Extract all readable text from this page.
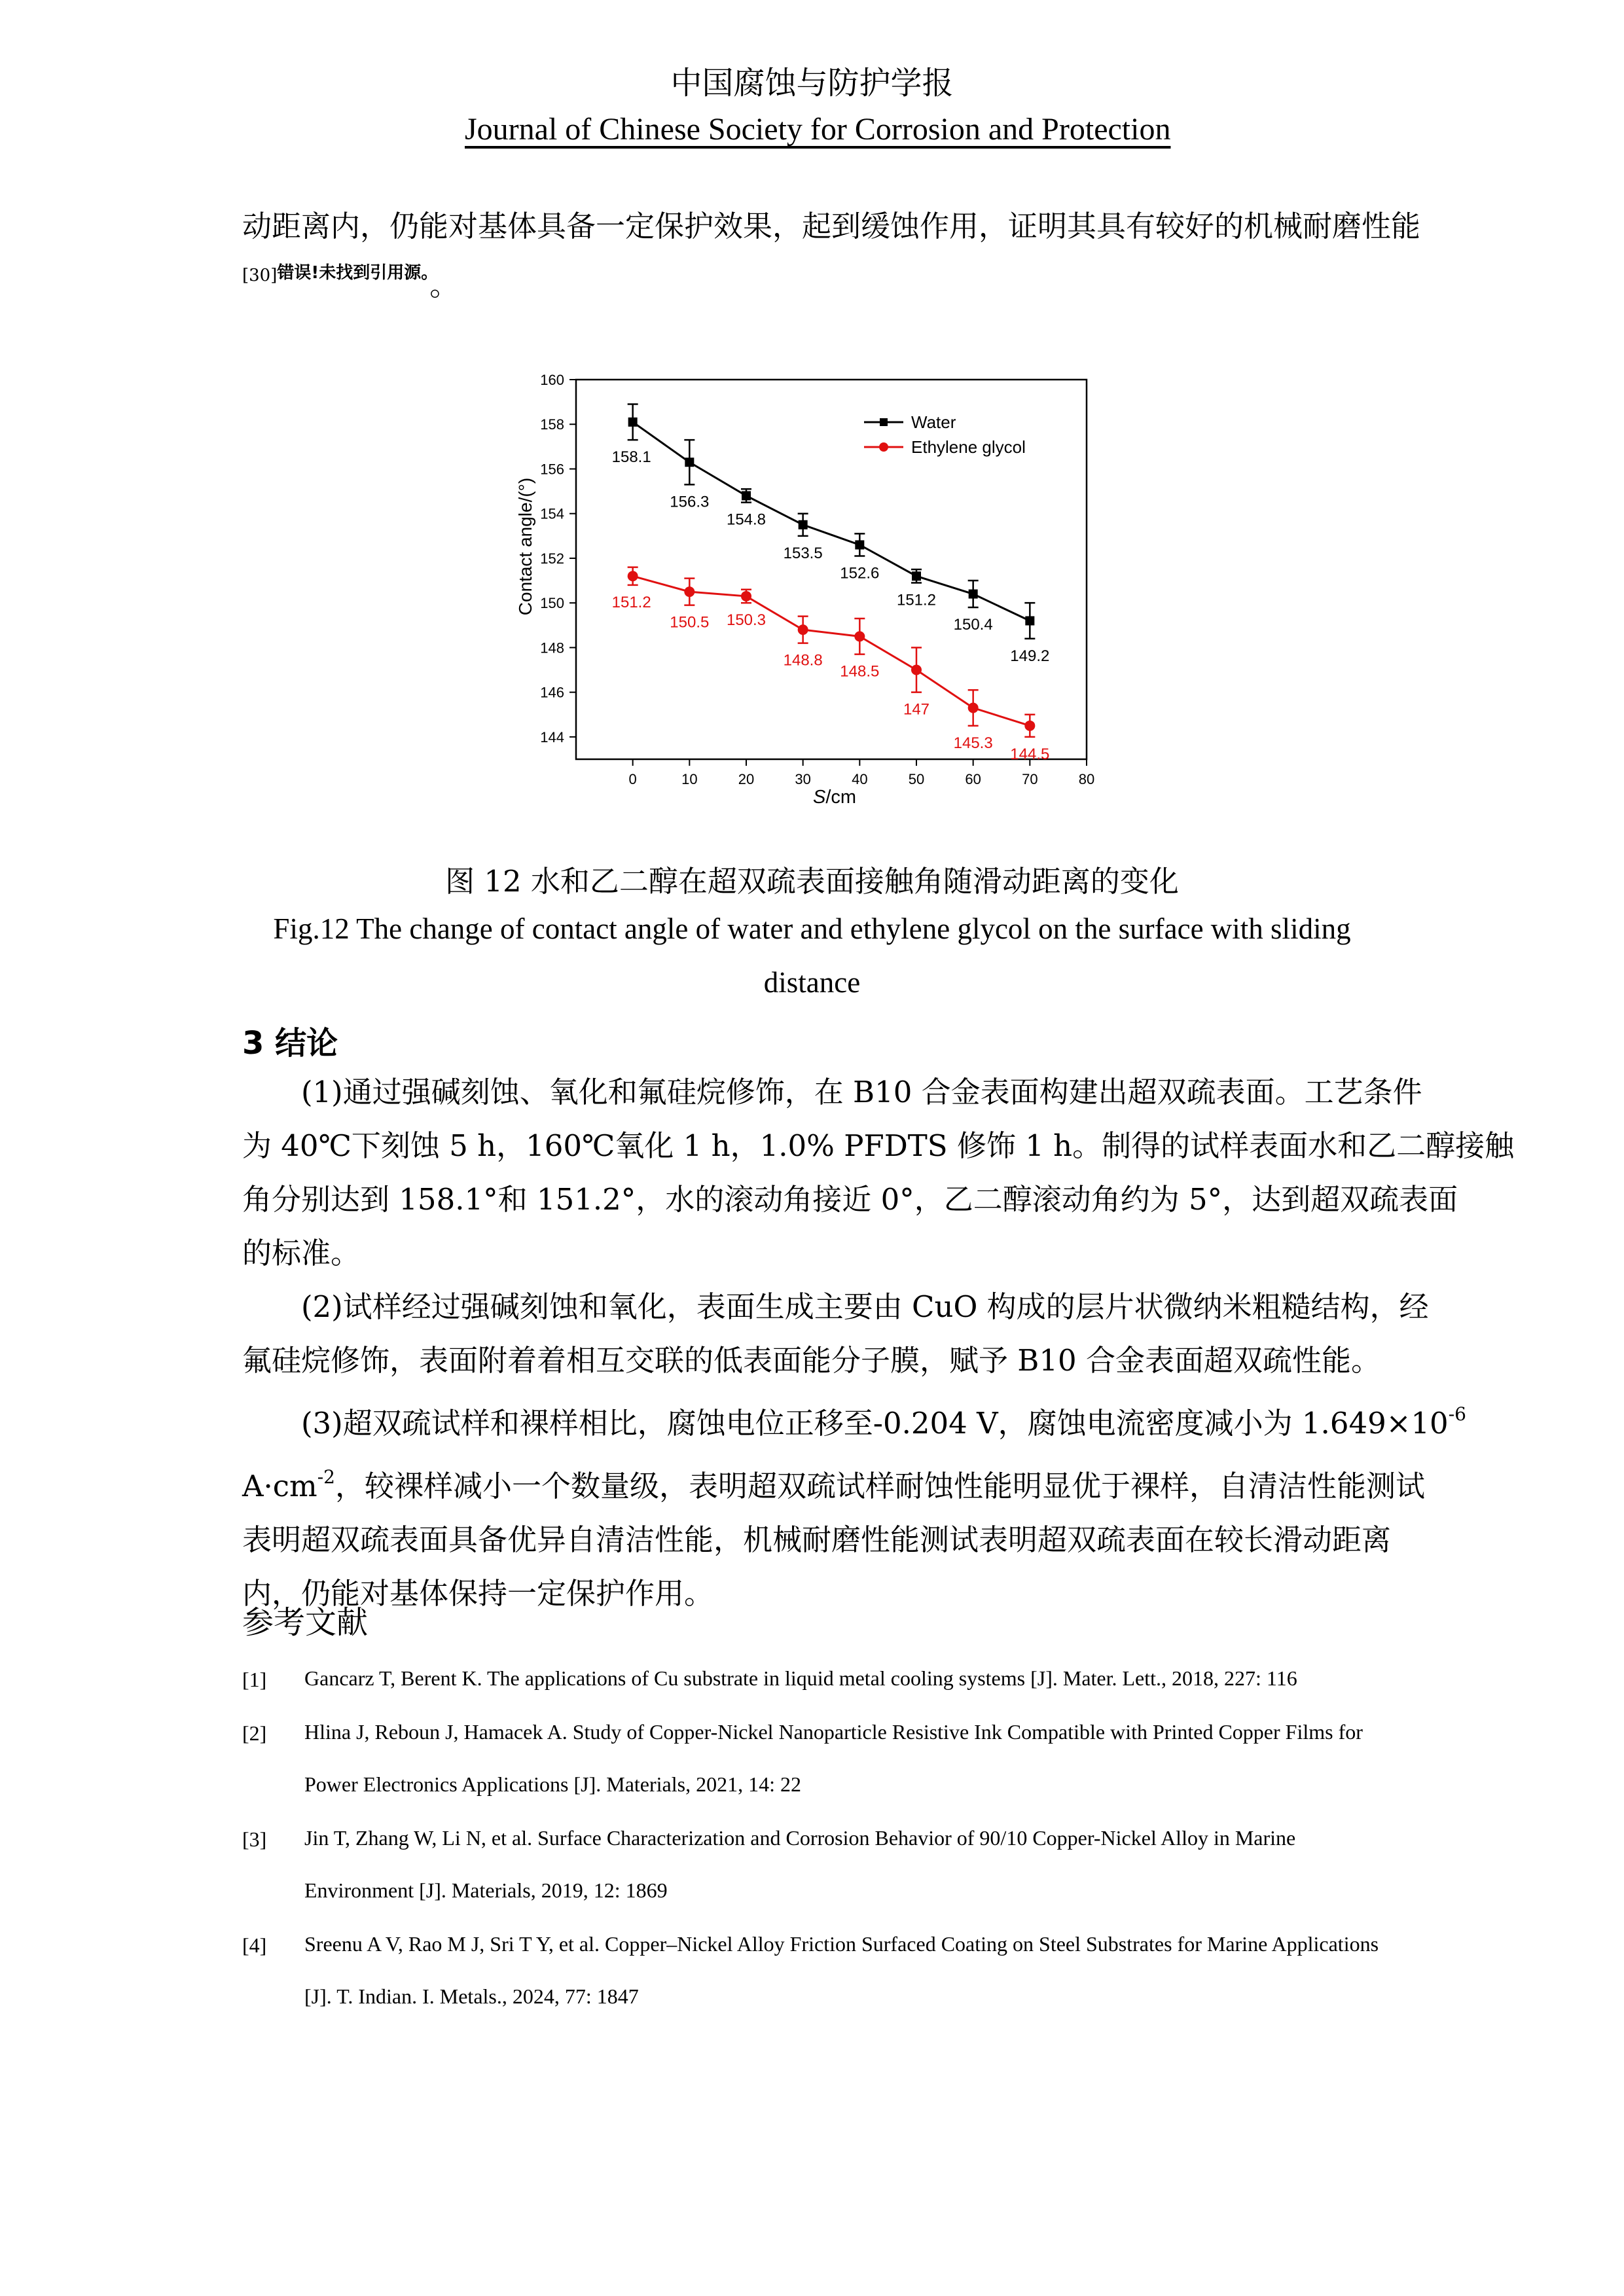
中国腐蚀与防护学报
Journal of Chinese Society for Corrosion and Protection
动距离内，仍能对基体具备一定保护效果，起到缓蚀作用，证明其具有较好的机械耐磨性能
$^{[30]错误!未找到引用源。}$。
144
146
148
150
152
154
156
158
160
0	10	20	30	40	50	60	70	80
158.1
156.3
154.8
153.5
152.6
151.2
150.4
149.2
151.2
150.5 150.3
148.8
148.5
147
145.3
144.5
Water
Ethylene glycol
Contact angle/(°)
S/cm
图 12 水和乙二醇在超双疏表面接触角随滑动距离的变化
Fig.12 The change of contact angle of water and ethylene glycol on the surface with sliding
distance
3 结论
(1)通过强碱刻蚀、氧化和氟硅烷修饰，在 B10 合金表面构建出超双疏表面。工艺条件
为 40℃下刻蚀 5 h，160℃氧化 1 h，1.0% PFDTS 修饰 1 h。制得的试样表面水和乙二醇接触
角分别达到 158.1°和 151.2°，水的滚动角接近 0°，乙二醇滚动角约为 5°，达到超双疏表面
的标准。
(2)试样经过强碱刻蚀和氧化，表面生成主要由 CuO 构成的层片状微纳米粗糙结构，经
氟硅烷修饰，表面附着着相互交联的低表面能分子膜，赋予 B10 合金表面超双疏性能。
(3)超双疏试样和裸样相比，腐蚀电位正移至-0.204 V，腐蚀电流密度减小为 $1.649\times 10^{-6}$
$A\cdot cm^{-2}$，较裸样减小一个数量级，表明超双疏试样耐蚀性能明显优于裸样，自清洁性能测试
表明超双疏表面具备优异自清洁性能，机械耐磨性能测试表明超双疏表面在较长滑动距离
内，仍能对基体保持一定保护作用。
参考文献
[1] Gancarz T, Berent K. The applications of Cu substrate in liquid metal cooling systems [J]. Mater. Lett., 2018, 227: 116
[2] Hlina J, Reboun J, Hamacek A. Study of Copper-Nickel Nanoparticle Resistive Ink Compatible with Printed Copper Films for Power Electronics Applications [J]. Materials, 2021, 14: 22
[3] Jin T, Zhang W, Li N, et al. Surface Characterization and Corrosion Behavior of 90/10 Copper-Nickel Alloy in Marine Environment [J]. Materials, 2019, 12: 1869
[4] Sreenu A V, Rao M J, Sri T Y, et al. Copper–Nickel Alloy Friction Surfaced Coating on Steel Substrates for Marine Applications [J]. T. Indian. I. Metals., 2024, 77: 1847
